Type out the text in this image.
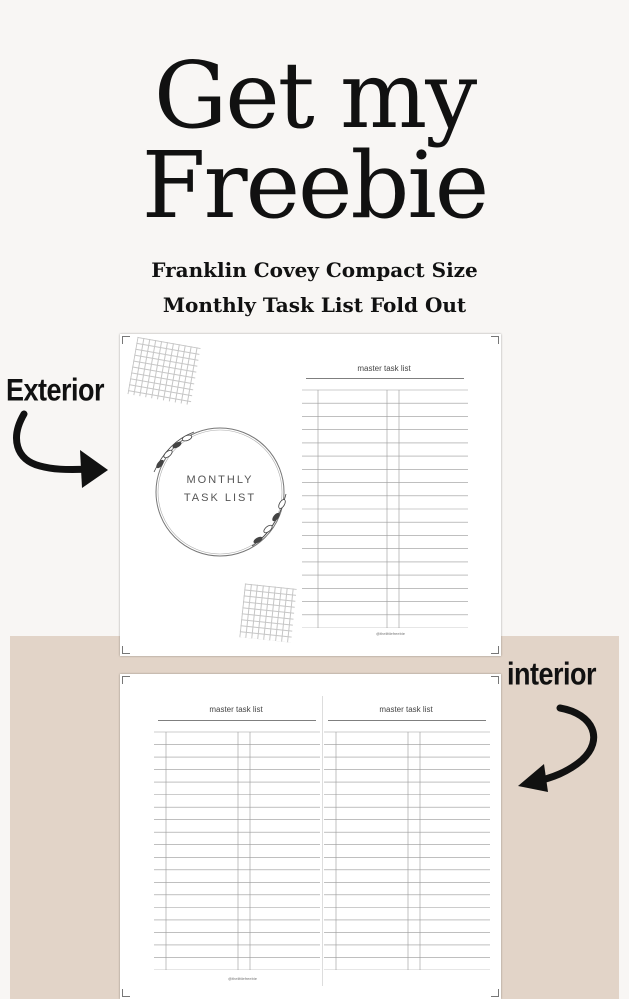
Get my
Freebie
Franklin Covey Compact Size
Monthly Task List Fold Out
Exterior
interior
MONTHLY
TASK LIST
master task list
@thelittlefreebie
master task list	master task list
@thelittlefreebie
